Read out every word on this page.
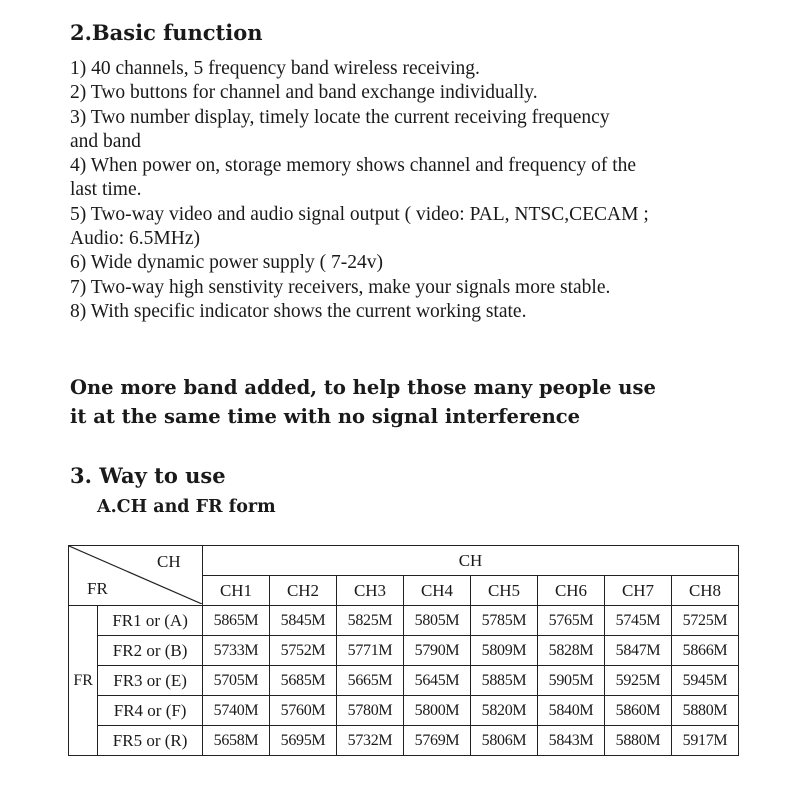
2.Basic function
1) 40 channels, 5 frequency band wireless receiving.
2) Two buttons for channel and band exchange individually.
3) Two number display, timely locate the current receiving frequency
and band
4) When power on, storage memory shows channel and frequency of the
last time.
5) Two-way video and audio signal output ( video: PAL, NTSC,CECAM ;
Audio: 6.5MHz)
6) Wide dynamic power supply ( 7-24v)
7) Two-way high senstivity receivers, make your signals more stable.
8) With specific indicator shows the current working state.
One more band added, to help those many people use
it at the same time with no signal interference
3. Way to use
A.CH and FR form
CH
FR		CH							
		CH1	CH2	CH3	CH4	CH5	CH6	CH7	CH8
FR	FR1 or (A)	5865M	5845M	5825M	5805M	5785M	5765M	5745M	5725M
	FR2 or (B)	5733M	5752M	5771M	5790M	5809M	5828M	5847M	5866M
	FR3 or (E)	5705M	5685M	5665M	5645M	5885M	5905M	5925M	5945M
	FR4 or (F)	5740M	5760M	5780M	5800M	5820M	5840M	5860M	5880M
	FR5 or (R)	5658M	5695M	5732M	5769M	5806M	5843M	5880M	5917M
